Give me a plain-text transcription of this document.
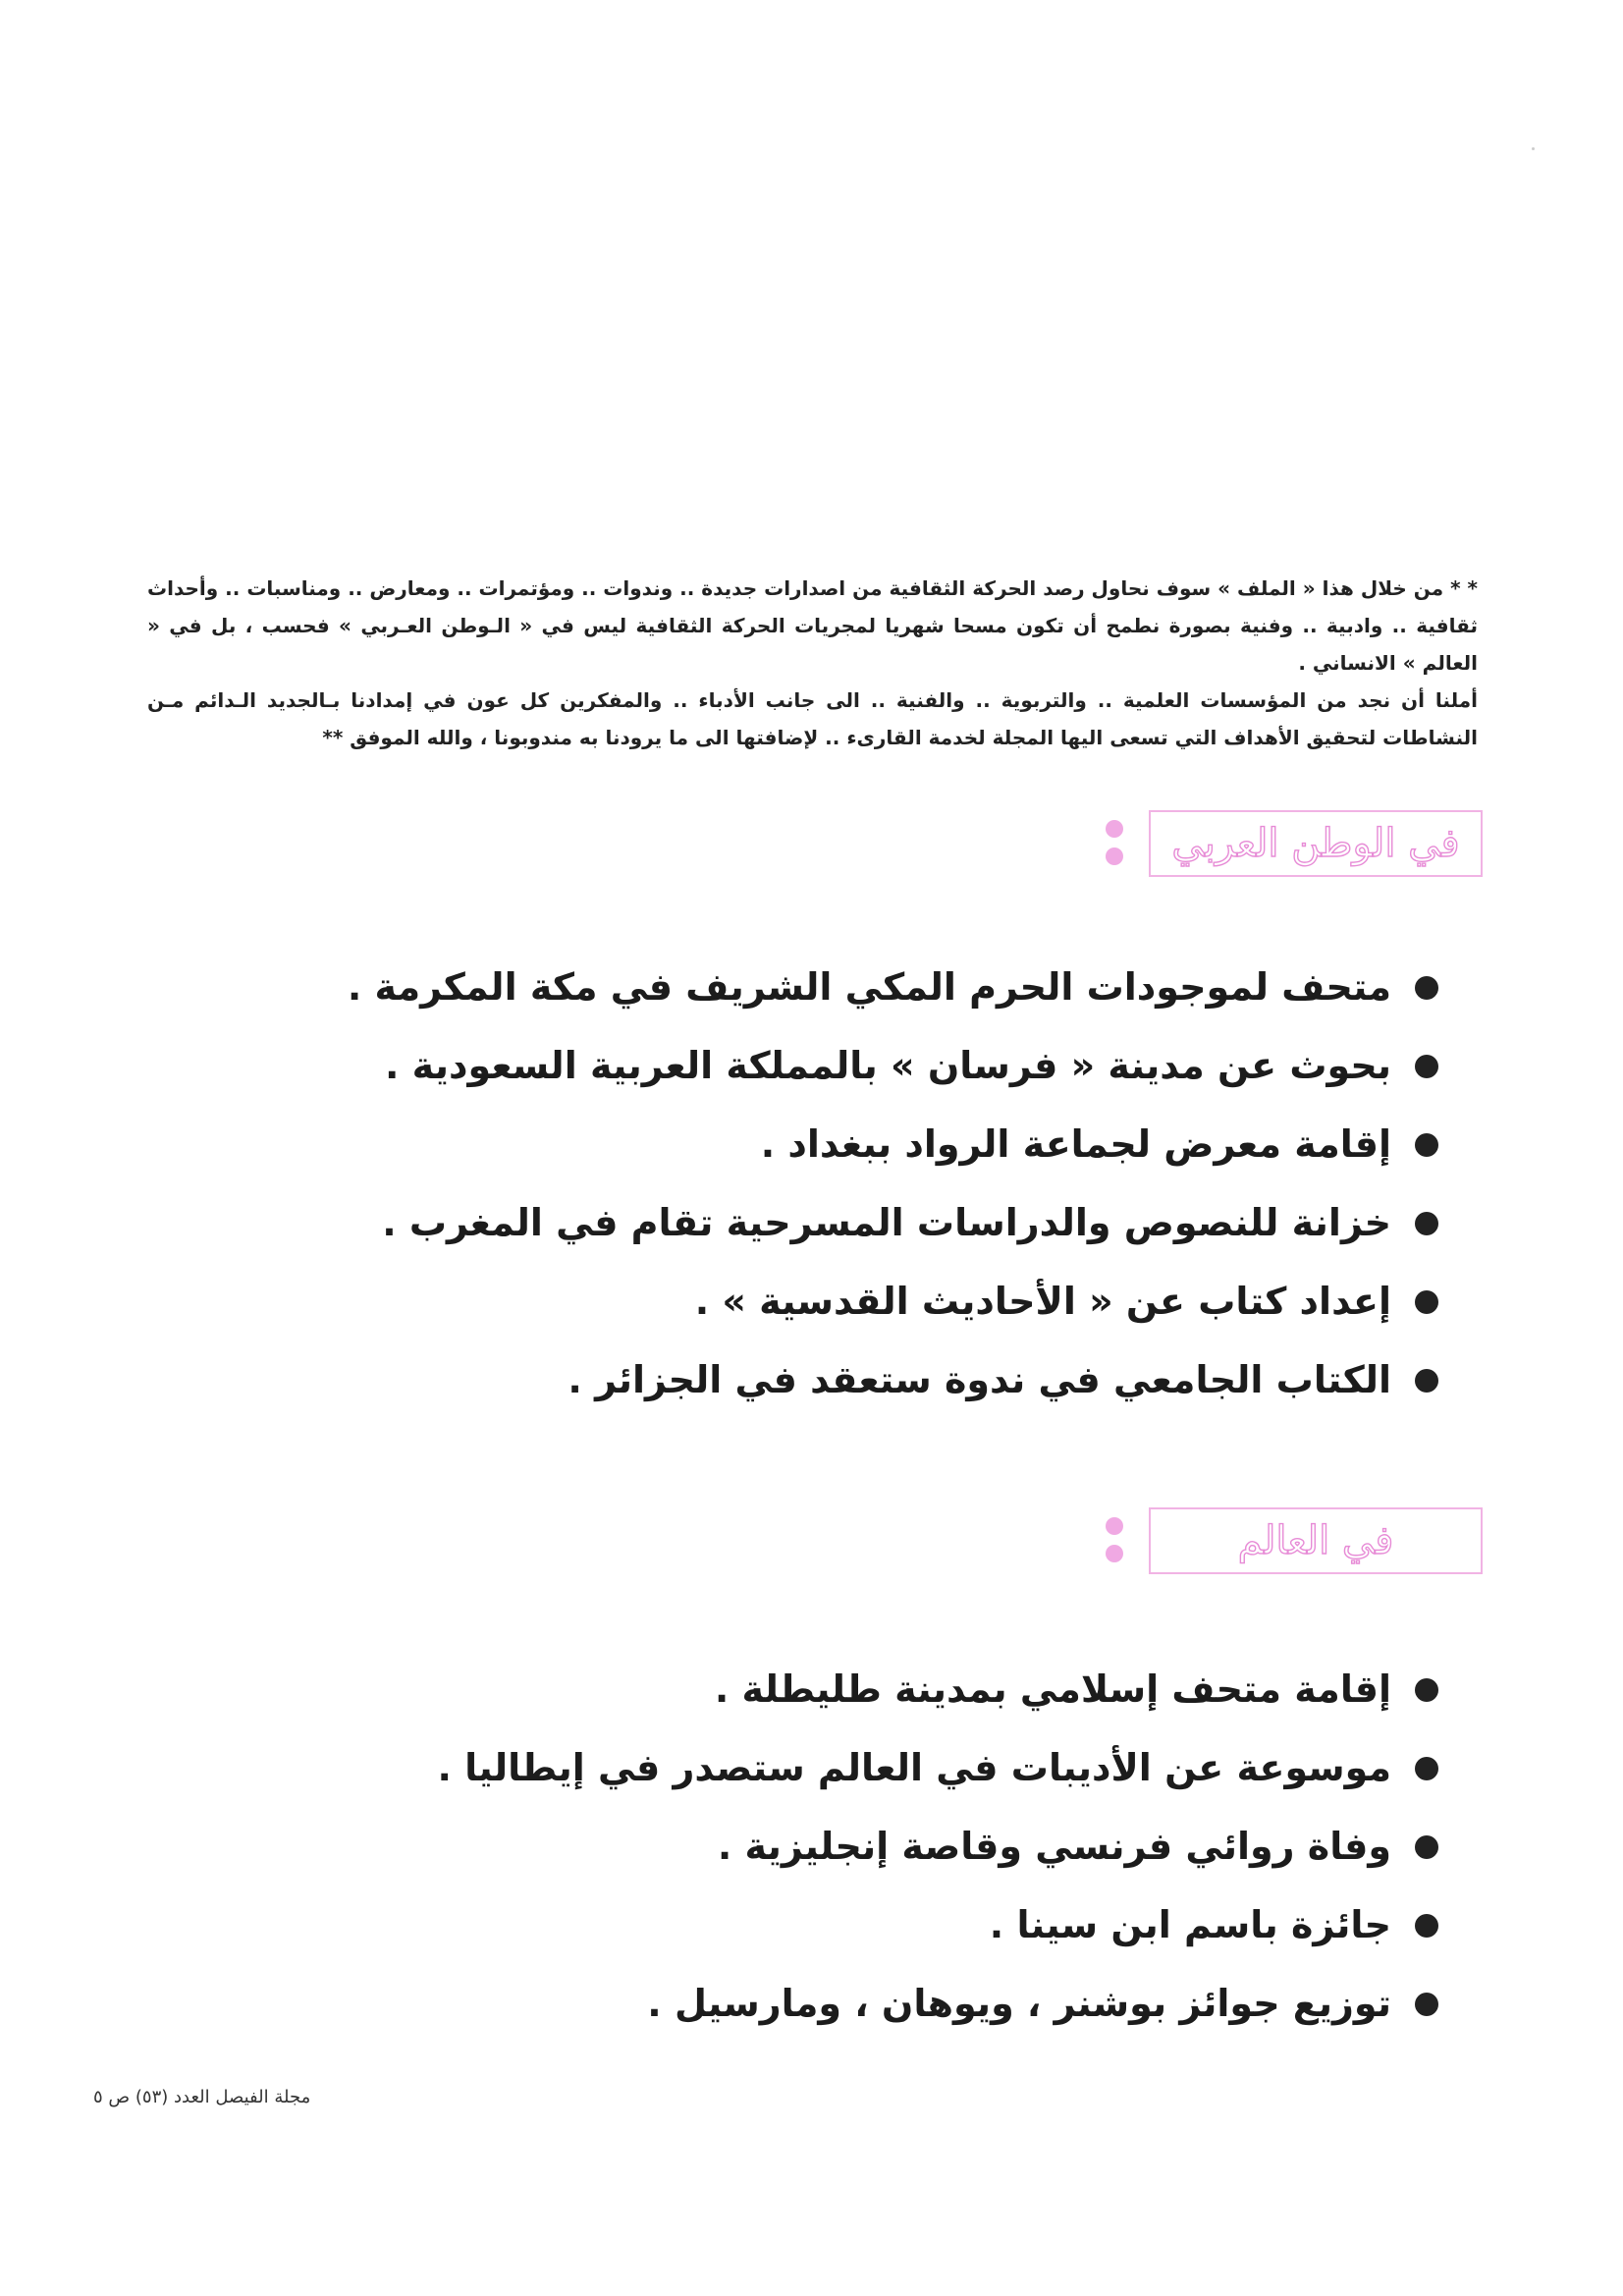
* * من خلال هذا « الملف » سوف نحاول رصد الحركة الثقافية من اصدارات جديدة .. وندوات .. ومؤتمرات .. ومعارض .. ومناسبات .. وأحداث ثقافية .. وادبية .. وفنية بصورة نطمح أن تكون مسحا شهريا لمجريات الحركة الثقافية ليس في « الـوطن العـربي » فحسب ، بل في « العالم » الانساني .

أملنا أن نجد من المؤسسات العلمية .. والتربوية .. والفنية .. الى جانب الأدباء .. والمفكرين كل عون في إمدادنا بـالجديد الـدائم مـن النشاطات لتحقيق الأهداف التي تسعى اليها المجلة لخدمة القارىء .. لإضافتها الى ما يرودنا به مندوبونا ، والله الموفق **

في الوطن العربي
متحف لموجودات الحرم المكي الشريف في مكة المكرمة .
بحوث عن مدينة « فرسان » بالمملكة العربية السعودية .
إقامة معرض لجماعة الرواد ببغداد .
خزانة للنصوص والدراسات المسرحية تقام في المغرب .
إعداد كتاب عن « الأحاديث القدسية » .
الكتاب الجامعي في ندوة ستعقد في الجزائر .
في العالم
إقامة متحف إسلامي بمدينة طليطلة .
موسوعة عن الأديبات في العالم ستصدر في إيطاليا .
وفاة روائي فرنسي وقاصة إنجليزية .
جائزة باسم ابن سينا .
توزيع جوائز بوشنر ، ويوهان ، ومارسيل .
مجلة الفيصل العدد (٥٣) ص ٥
